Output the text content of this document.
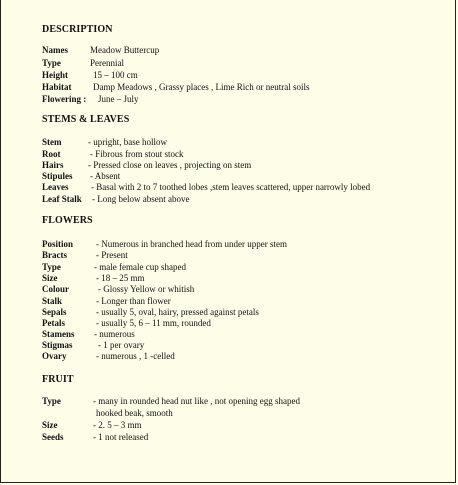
DESCRIPTION
Names Meadow Buttercup
Type	Perennial
Height	15 – 100 cm
Habitat Damp Meadows , Grassy places , Lime Rich or neutral soils
Flowering : June – July
STEMS & LEAVES
Stem	- upright, base hollow
Root	- Fibrous from stout stock
Hairs	- Pressed close on leaves , projecting on stem
Stipules - Absent
Leaves	- Basal with 2 to 7 toothed lobes ,stem leaves scattered, upper narrowly lobed
Leaf Stalk - Long below absent above
FLOWERS
Position	- Numerous in branched head from under upper stem
Bracts	- Present
Type	- male female cup shaped
Size	- 18 – 25 mm
Colour	- Glossy Yellow or whitish
Stalk	- Longer than flower
Sepals	- usually 5, oval, hairy, pressed against petals
Petals	- usually 5, 6 – 11 mm, rounded
Stamens - numerous
Stigmas	- 1 per ovary
Ovary	- numerous , 1 -celled
FRUIT
Type	- many in rounded head nut like , not opening egg shaped
hooked beak, smooth
Size	- 2. 5 – 3 mm
Seeds	- 1 not released
